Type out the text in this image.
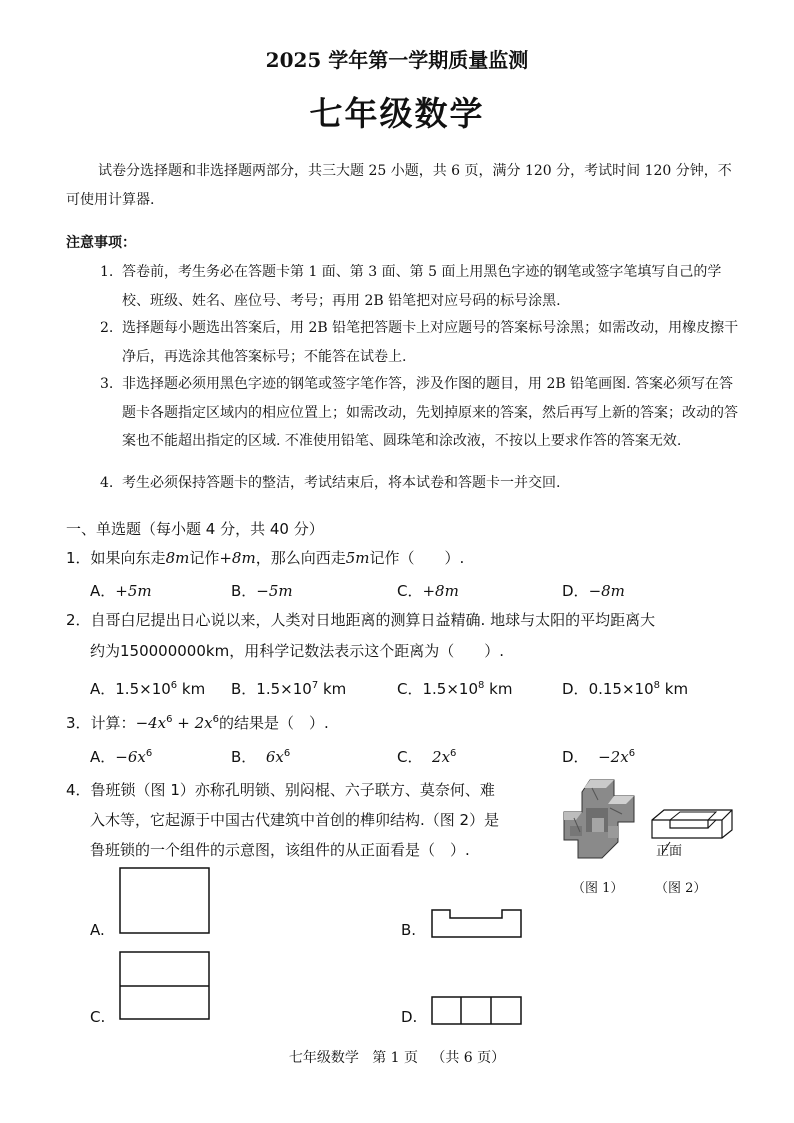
2025 学年第一学期质量监测
七年级数学
试卷分选择题和非选择题两部分，共三大题 25 小题，共 6 页，满分 120 分，考试时间 120 分钟，不可使用计算器.
注意事项：
1. 答卷前，考生务必在答题卡第 1 面、第 3 面、第 5 面上用黑色字迹的钢笔或签字笔填写自己的学校、班级、姓名、座位号、考号；再用 2B 铅笔把对应号码的标号涂黑.
2. 选择题每小题选出答案后，用 2B 铅笔把答题卡上对应题号的答案标号涂黑；如需改动，用橡皮擦干净后，再选涂其他答案标号；不能答在试卷上.
3. 非选择题必须用黑色字迹的钢笔或签字笔作答，涉及作图的题目，用 2B 铅笔画图. 答案必须写在答题卡各题指定区域内的相应位置上；如需改动，先划掉原来的答案，然后再写上新的答案；改动的答案也不能超出指定的区域. 不准使用铅笔、圆珠笔和涂改液，不按以上要求作答的答案无效.
4. 考生必须保持答题卡的整洁，考试结束后，将本试卷和答题卡一并交回.
一、单选题（每小题 4 分，共 40 分）
1．如果向东走8m记作+8m，那么向西走5m记作（　　）.
A．+5m	B．−5m	C．+8m	D．−8m
2．自哥白尼提出日心说以来，人类对日地距离的测算日益精确. 地球与太阳的平均距离大
约为150000000km，用科学记数法表示这个距离为（　　）.
A．$1.5\times 10^6$ km B．$1.5\times 10^7$ km	C．$1.5\times 10^8$ km	D．$0.15\times 10^8$ km
3．计算：$-4x^6 + 2x^6$的结果是（　）.
A．$-6x^6$	B． $6x^6$	C． $2x^6$	D． $-2x^6$
4．鲁班锁（图 1）亦称孔明锁、别闷棍、六子联方、莫奈何、难
入木等，它起源于中国古代建筑中首创的榫卯结构.（图 2）是
鲁班锁的一个组件的示意图，该组件的从正面看是（　）.	正面
（图 1） （图 2）
A.	B.
C.	D.
七年级数学 第 1 页 （共 6 页）
